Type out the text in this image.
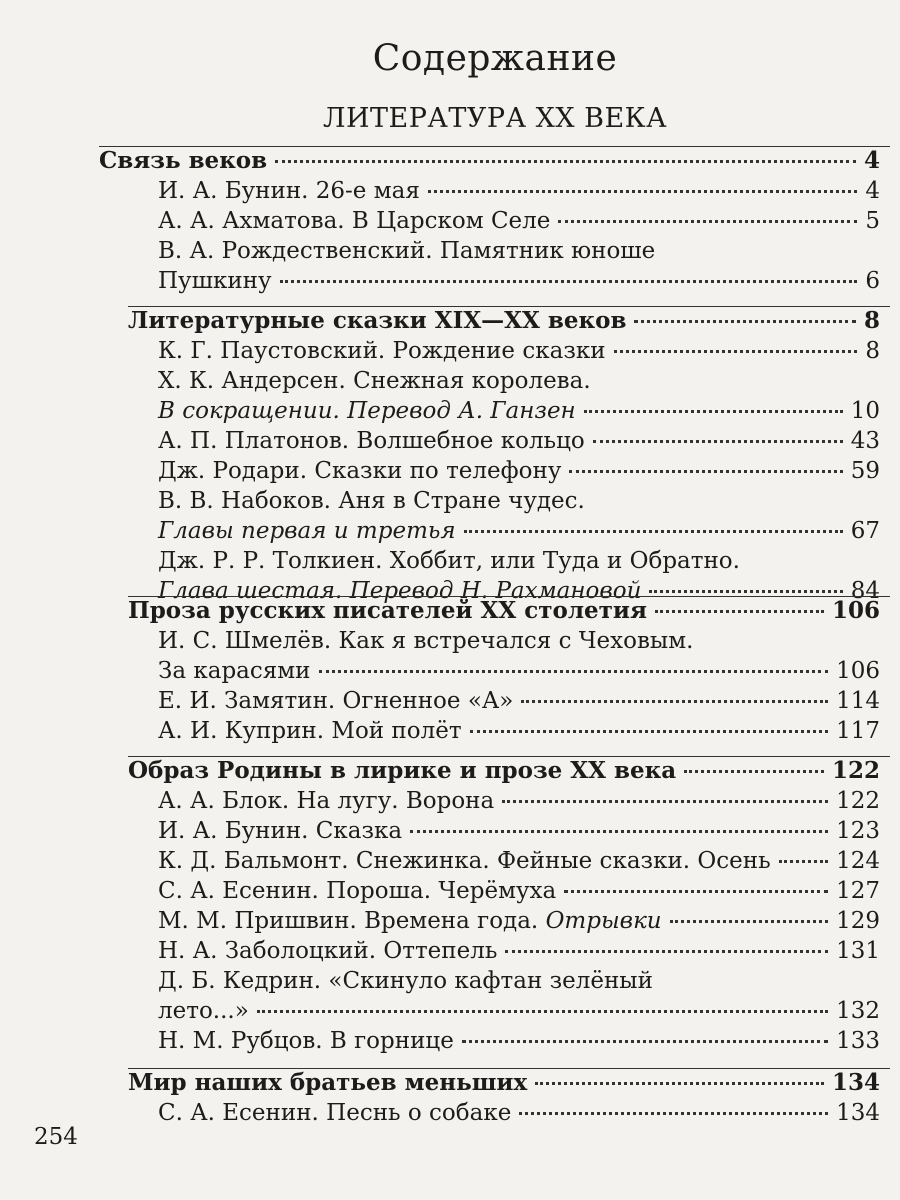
Содержание
ЛИТЕРАТУРА XX ВЕКА
Связь веков	4
И. А. Бунин. 26-е мая	4
А. А. Ахматова. В Царском Селе	5
В. А. Рождественский. Памятник юноше
Пушкину	6
Литературные сказки XIX—XX веков	8
К. Г. Паустовский. Рождение сказки	8
Х. К. Андерсен. Снежная королева.
В сокращении. Перевод А. Ганзен	10
А. П. Платонов. Волшебное кольцо	43
Дж. Родари. Сказки по телефону	59
В. В. Набоков. Аня в Стране чудес.
Главы первая и третья	67
Дж. Р. Р. Толкиен. Хоббит, или Туда и Обратно.
Глава шестая. Перевод Н. Рахмановой	84
Проза русских писателей XX столетия	106
И. С. Шмелёв. Как я встречался с Чеховым.
За карасями	106
Е. И. Замятин. Огненное «А»	114
А. И. Куприн. Мой полёт	117
Образ Родины в лирике и прозе XX века	122
А. А. Блок. На лугу. Ворона	122
И. А. Бунин. Сказка	123
К. Д. Бальмонт. Снежинка. Фейные сказки. Осень	124
С. А. Есенин. Пороша. Черёмуха	127
М. М. Пришвин. Времена года.
Отрывки	129
Н. А. Заболоцкий. Оттепель	131
Д. Б. Кедрин. «Скинуло кафтан зелёный
лето...»	132
Н. М. Рубцов. В горнице	133
Мир наших братьев меньших	134
С. А. Есенин. Песнь о собаке	134
254
